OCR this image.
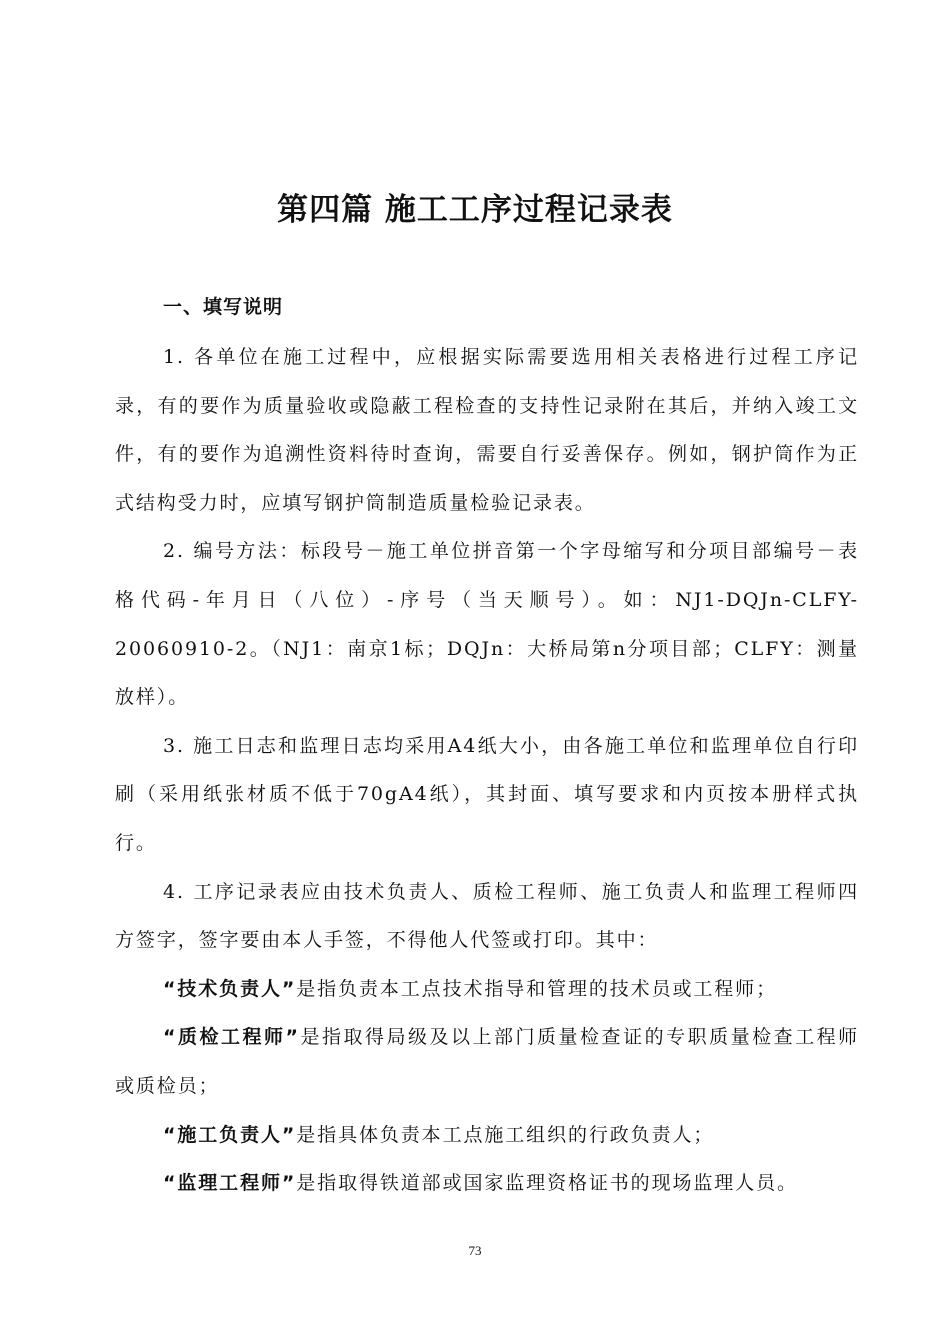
第四篇 施工工序过程记录表
一、填写说明

1. 各单位在施工过程中，应根据实际需要选用相关表格进行过程工序记录，有的要作为质量验收或隐蔽工程检查的支持性记录附在其后，并纳入竣工文件，有的要作为追溯性资料待时查询，需要自行妥善保存。例如，钢护筒作为正式结构受力时，应填写钢护筒制造质量检验记录表。

2. 编号方法：标段号－施工单位拼音第一个字母缩写和分项目部编号－表格代码-年月日（八位）-序号（当天顺号）。如：NJ1-DQJn-CLFY-20060910-2。（NJ1：南京1标；DQJn：大桥局第n分项目部；CLFY：测量放样）。

3. 施工日志和监理日志均采用A4纸大小，由各施工单位和监理单位自行印刷（采用纸张材质不低于70gA4纸），其封面、填写要求和内页按本册样式执行。

4. 工序记录表应由技术负责人、质检工程师、施工负责人和监理工程师四方签字，签字要由本人手签，不得他人代签或打印。其中：

“技术负责人”是指负责本工点技术指导和管理的技术员或工程师；

“质检工程师”是指取得局级及以上部门质量检查证的专职质量检查工程师或质检员；

“施工负责人”是指具体负责本工点施工组织的行政负责人；

“监理工程师”是指取得铁道部或国家监理资格证书的现场监理人员。

73
